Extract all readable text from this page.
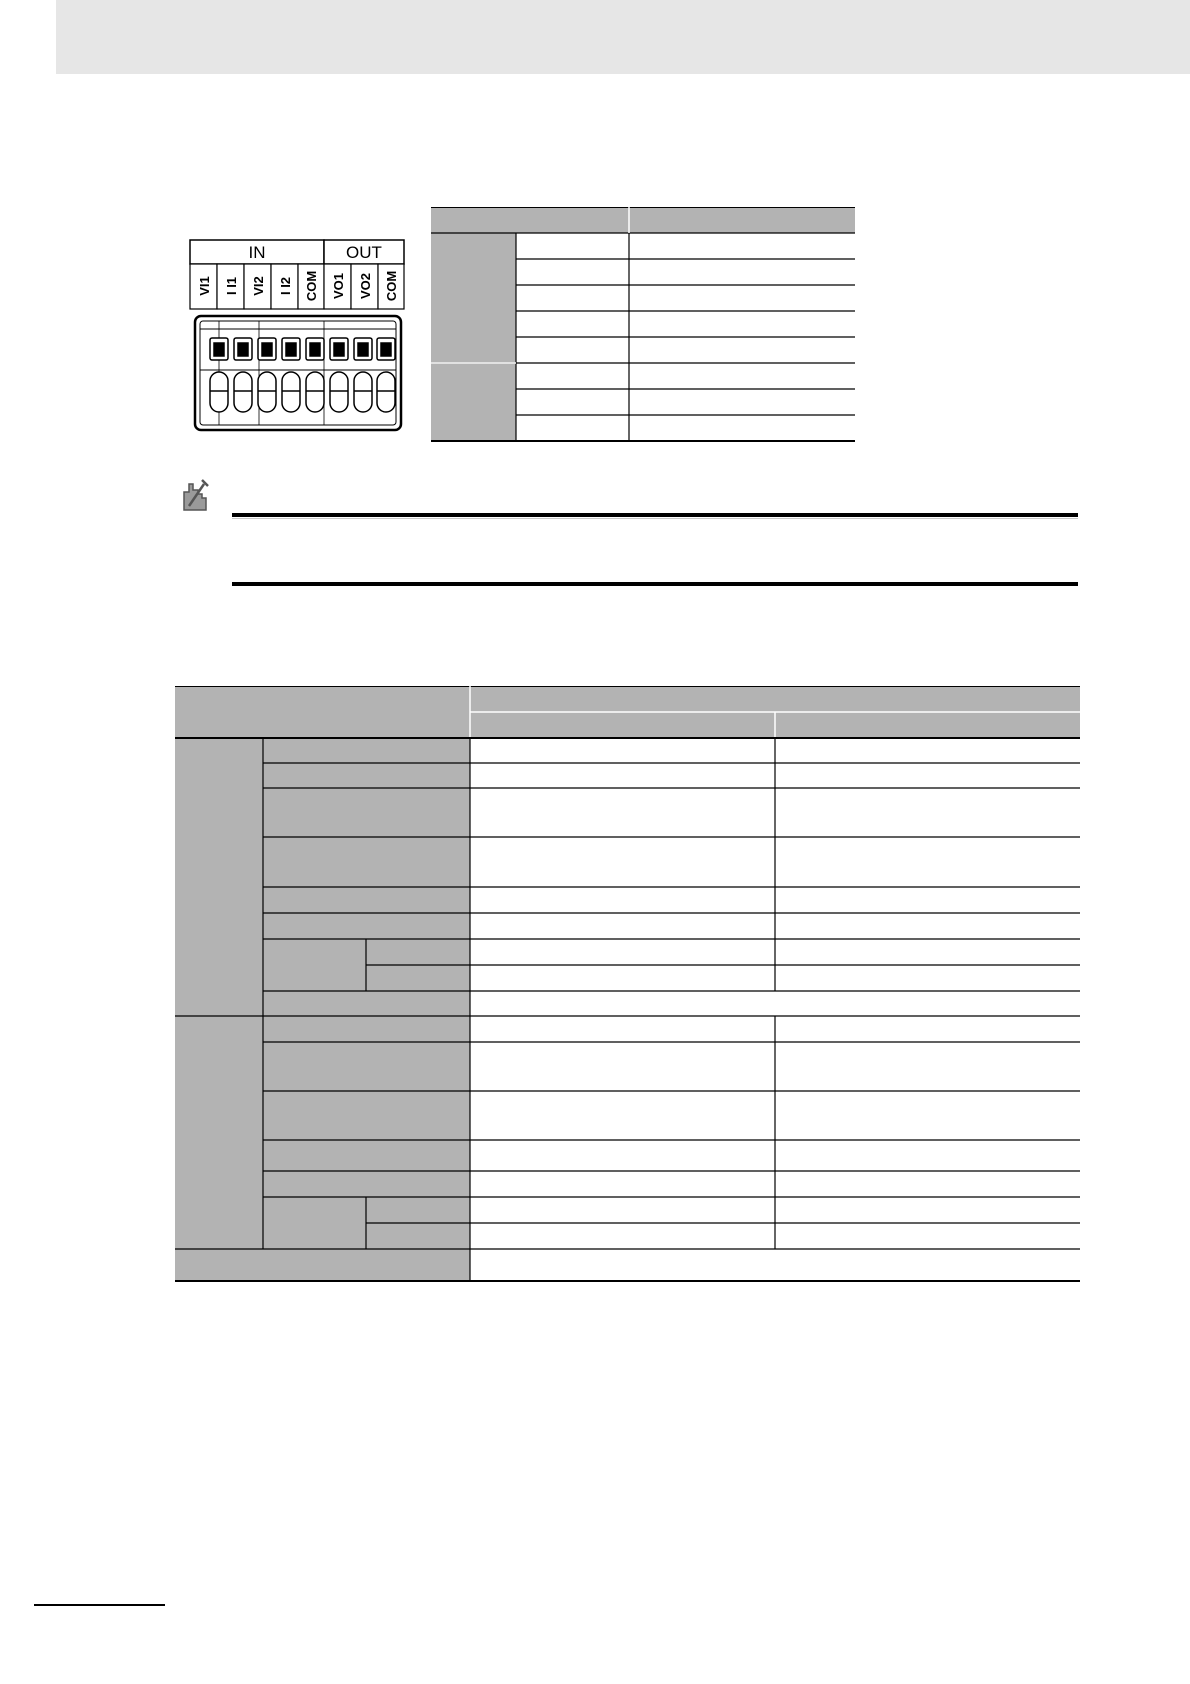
IN	OUT
VI1 I I1 VI2 I I2 COM VO1 VO2 COM
